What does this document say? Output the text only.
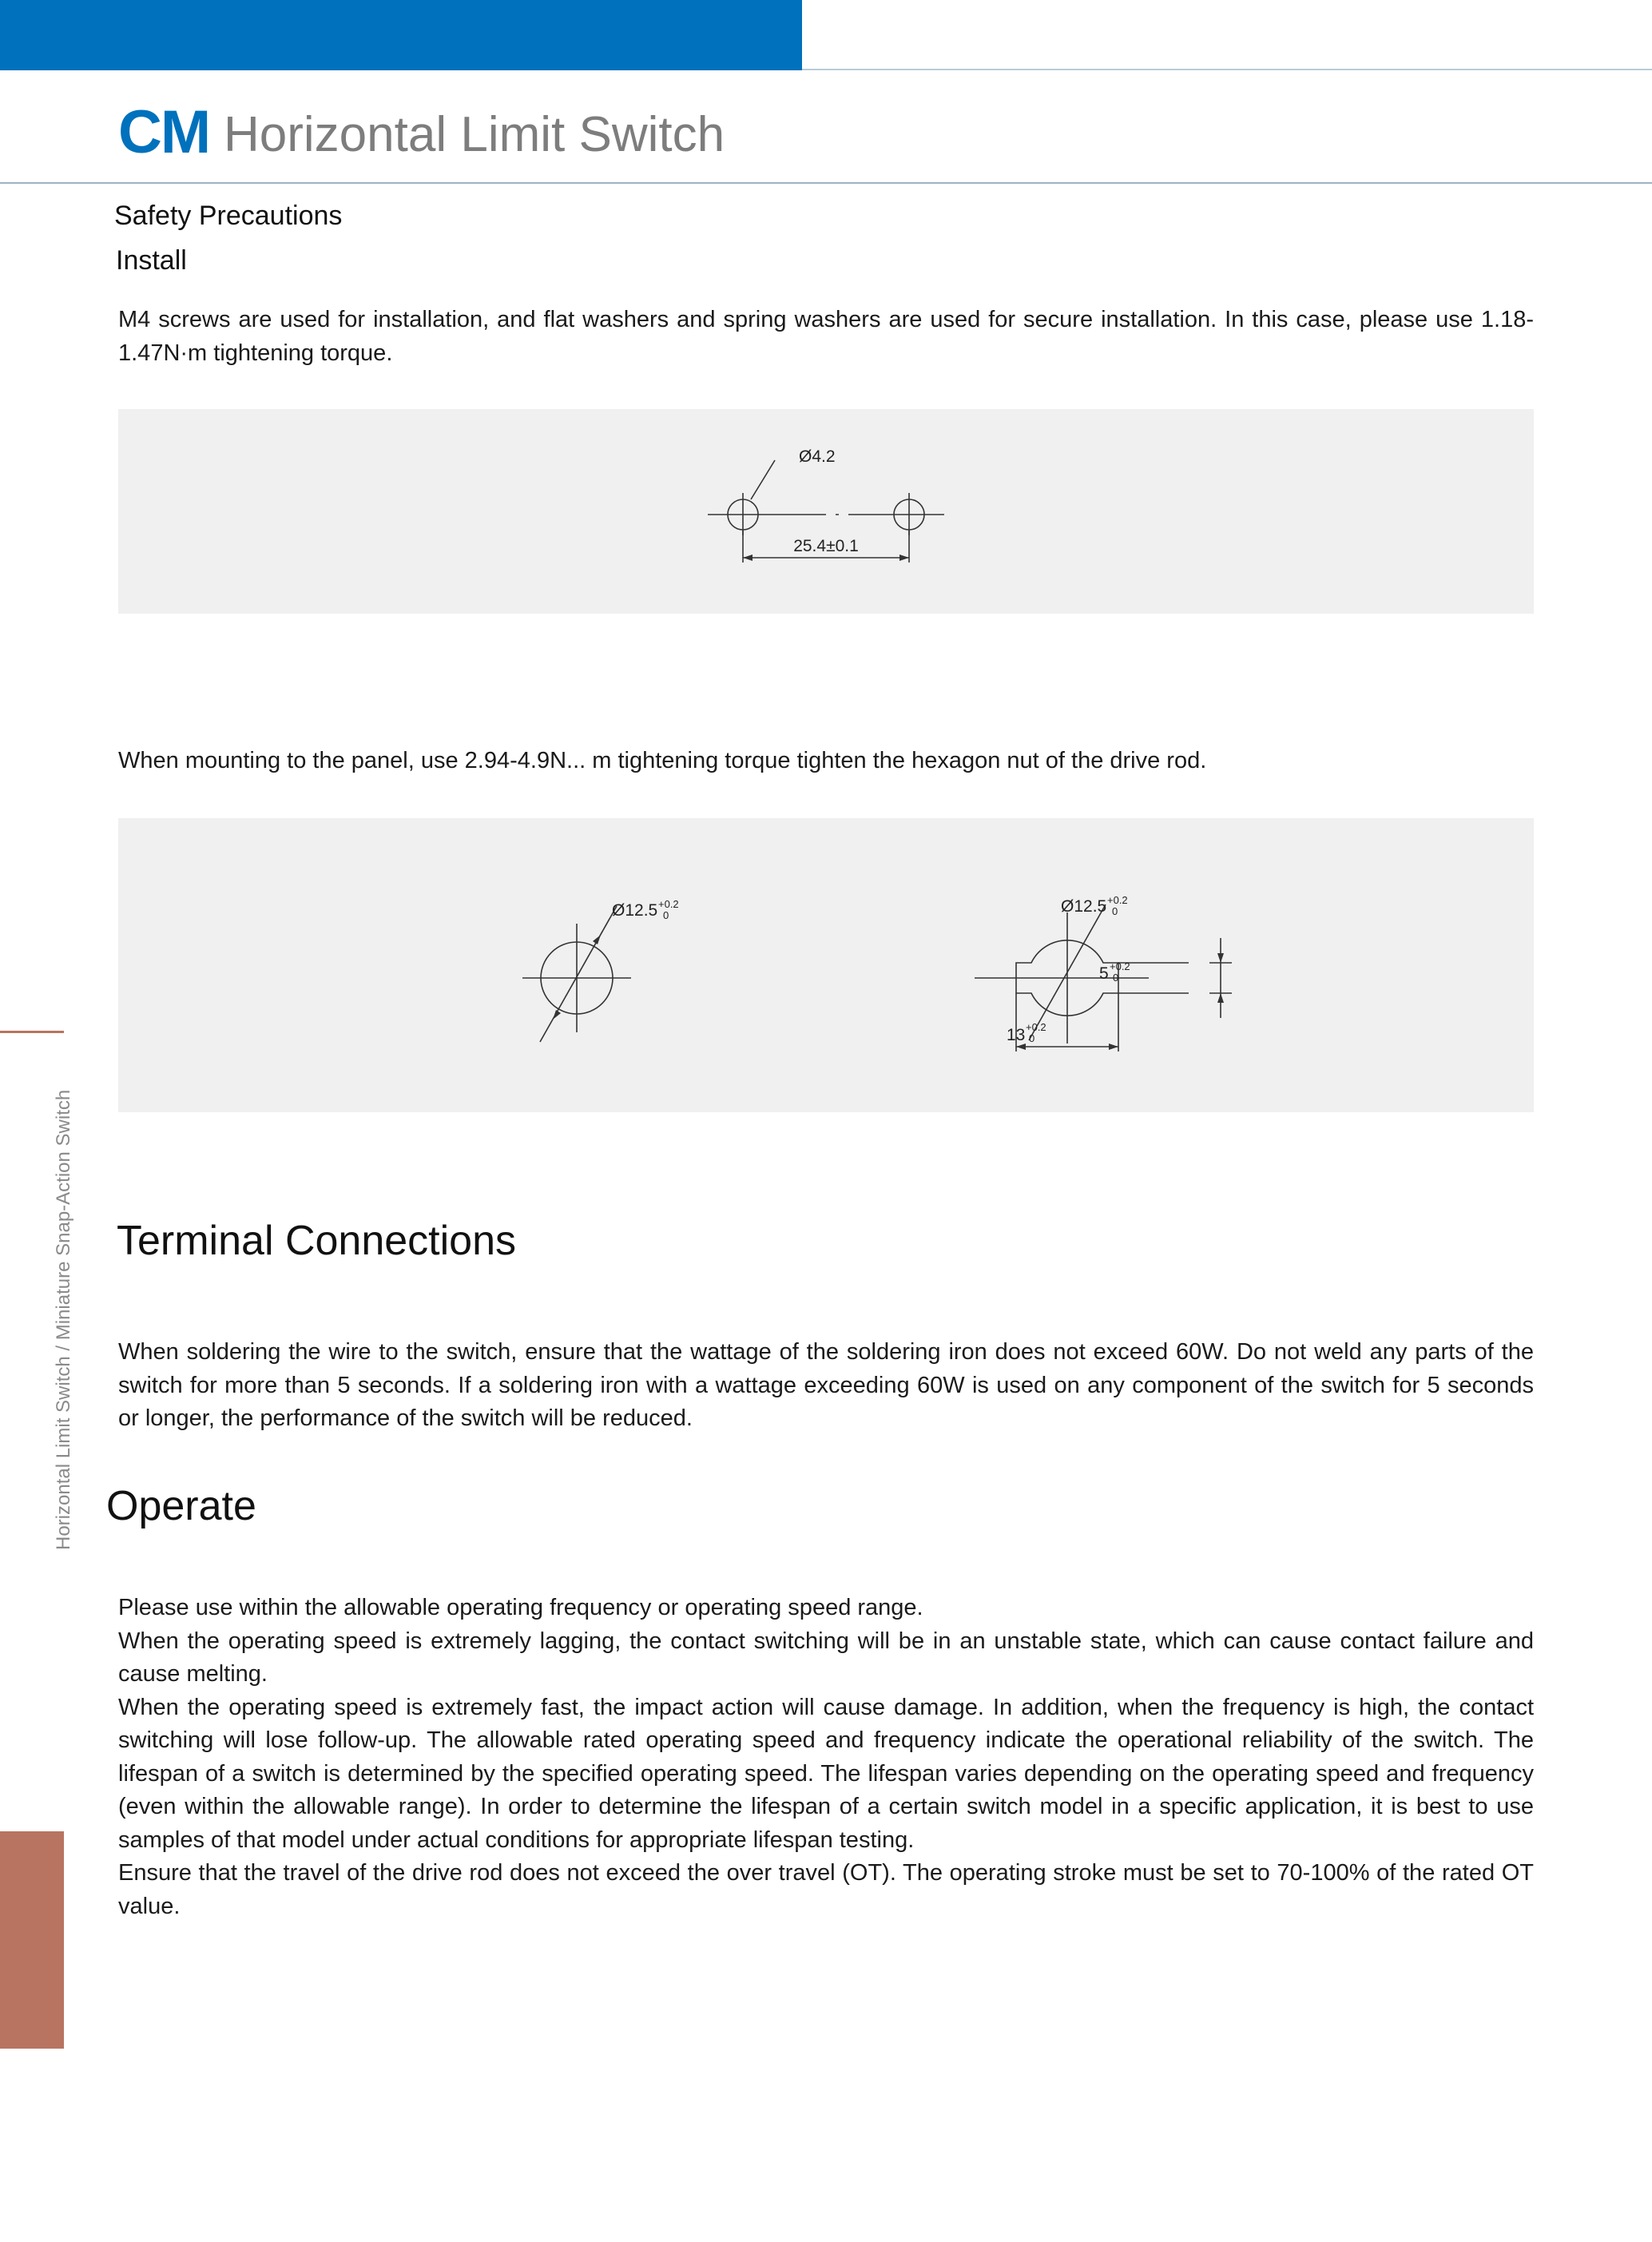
CM Horizontal Limit Switch
Horizontal Limit Switch / Miniature Snap-Action Switch
Safety Precautions
Install

M4 screws are used for installation, and flat washers and spring washers are used for secure installation. In this case, please use 1.18-1.47N·m tightening torque.

Ø4.2
25.4±0.1

When mounting to the panel, use 2.94-4.9N... m tightening torque tighten the hexagon nut of the drive rod.

Ø12.5 +0.2
0	Ø12.5 +0.2
0
5 +0.2
0
13 +0.2
0
Terminal Connections

When soldering the wire to the switch, ensure that the wattage of the soldering iron does not exceed 60W. Do not weld any parts of the switch for more than 5 seconds. If a soldering iron with a wattage exceeding 60W is used on any component of the switch for 5 seconds or longer, the performance of the switch will be reduced.

Operate

Please use within the allowable operating frequency or operating speed range.

When the operating speed is extremely lagging, the contact switching will be in an unstable state, which can cause contact failure and cause melting.

When the operating speed is extremely fast, the impact action will cause damage. In addition, when the frequency is high, the contact switching will lose follow-up. The allowable rated operating speed and frequency indicate the operational reliability of the switch. The lifespan of a switch is determined by the specified operating speed. The lifespan varies depending on the operating speed and frequency (even within the allowable range). In order to determine the lifespan of a certain switch model in a specific application, it is best to use samples of that model under actual conditions for appropriate lifespan testing.

Ensure that the travel of the drive rod does not exceed the over travel (OT). The operating stroke must be set to 70-100% of the rated OT value.
